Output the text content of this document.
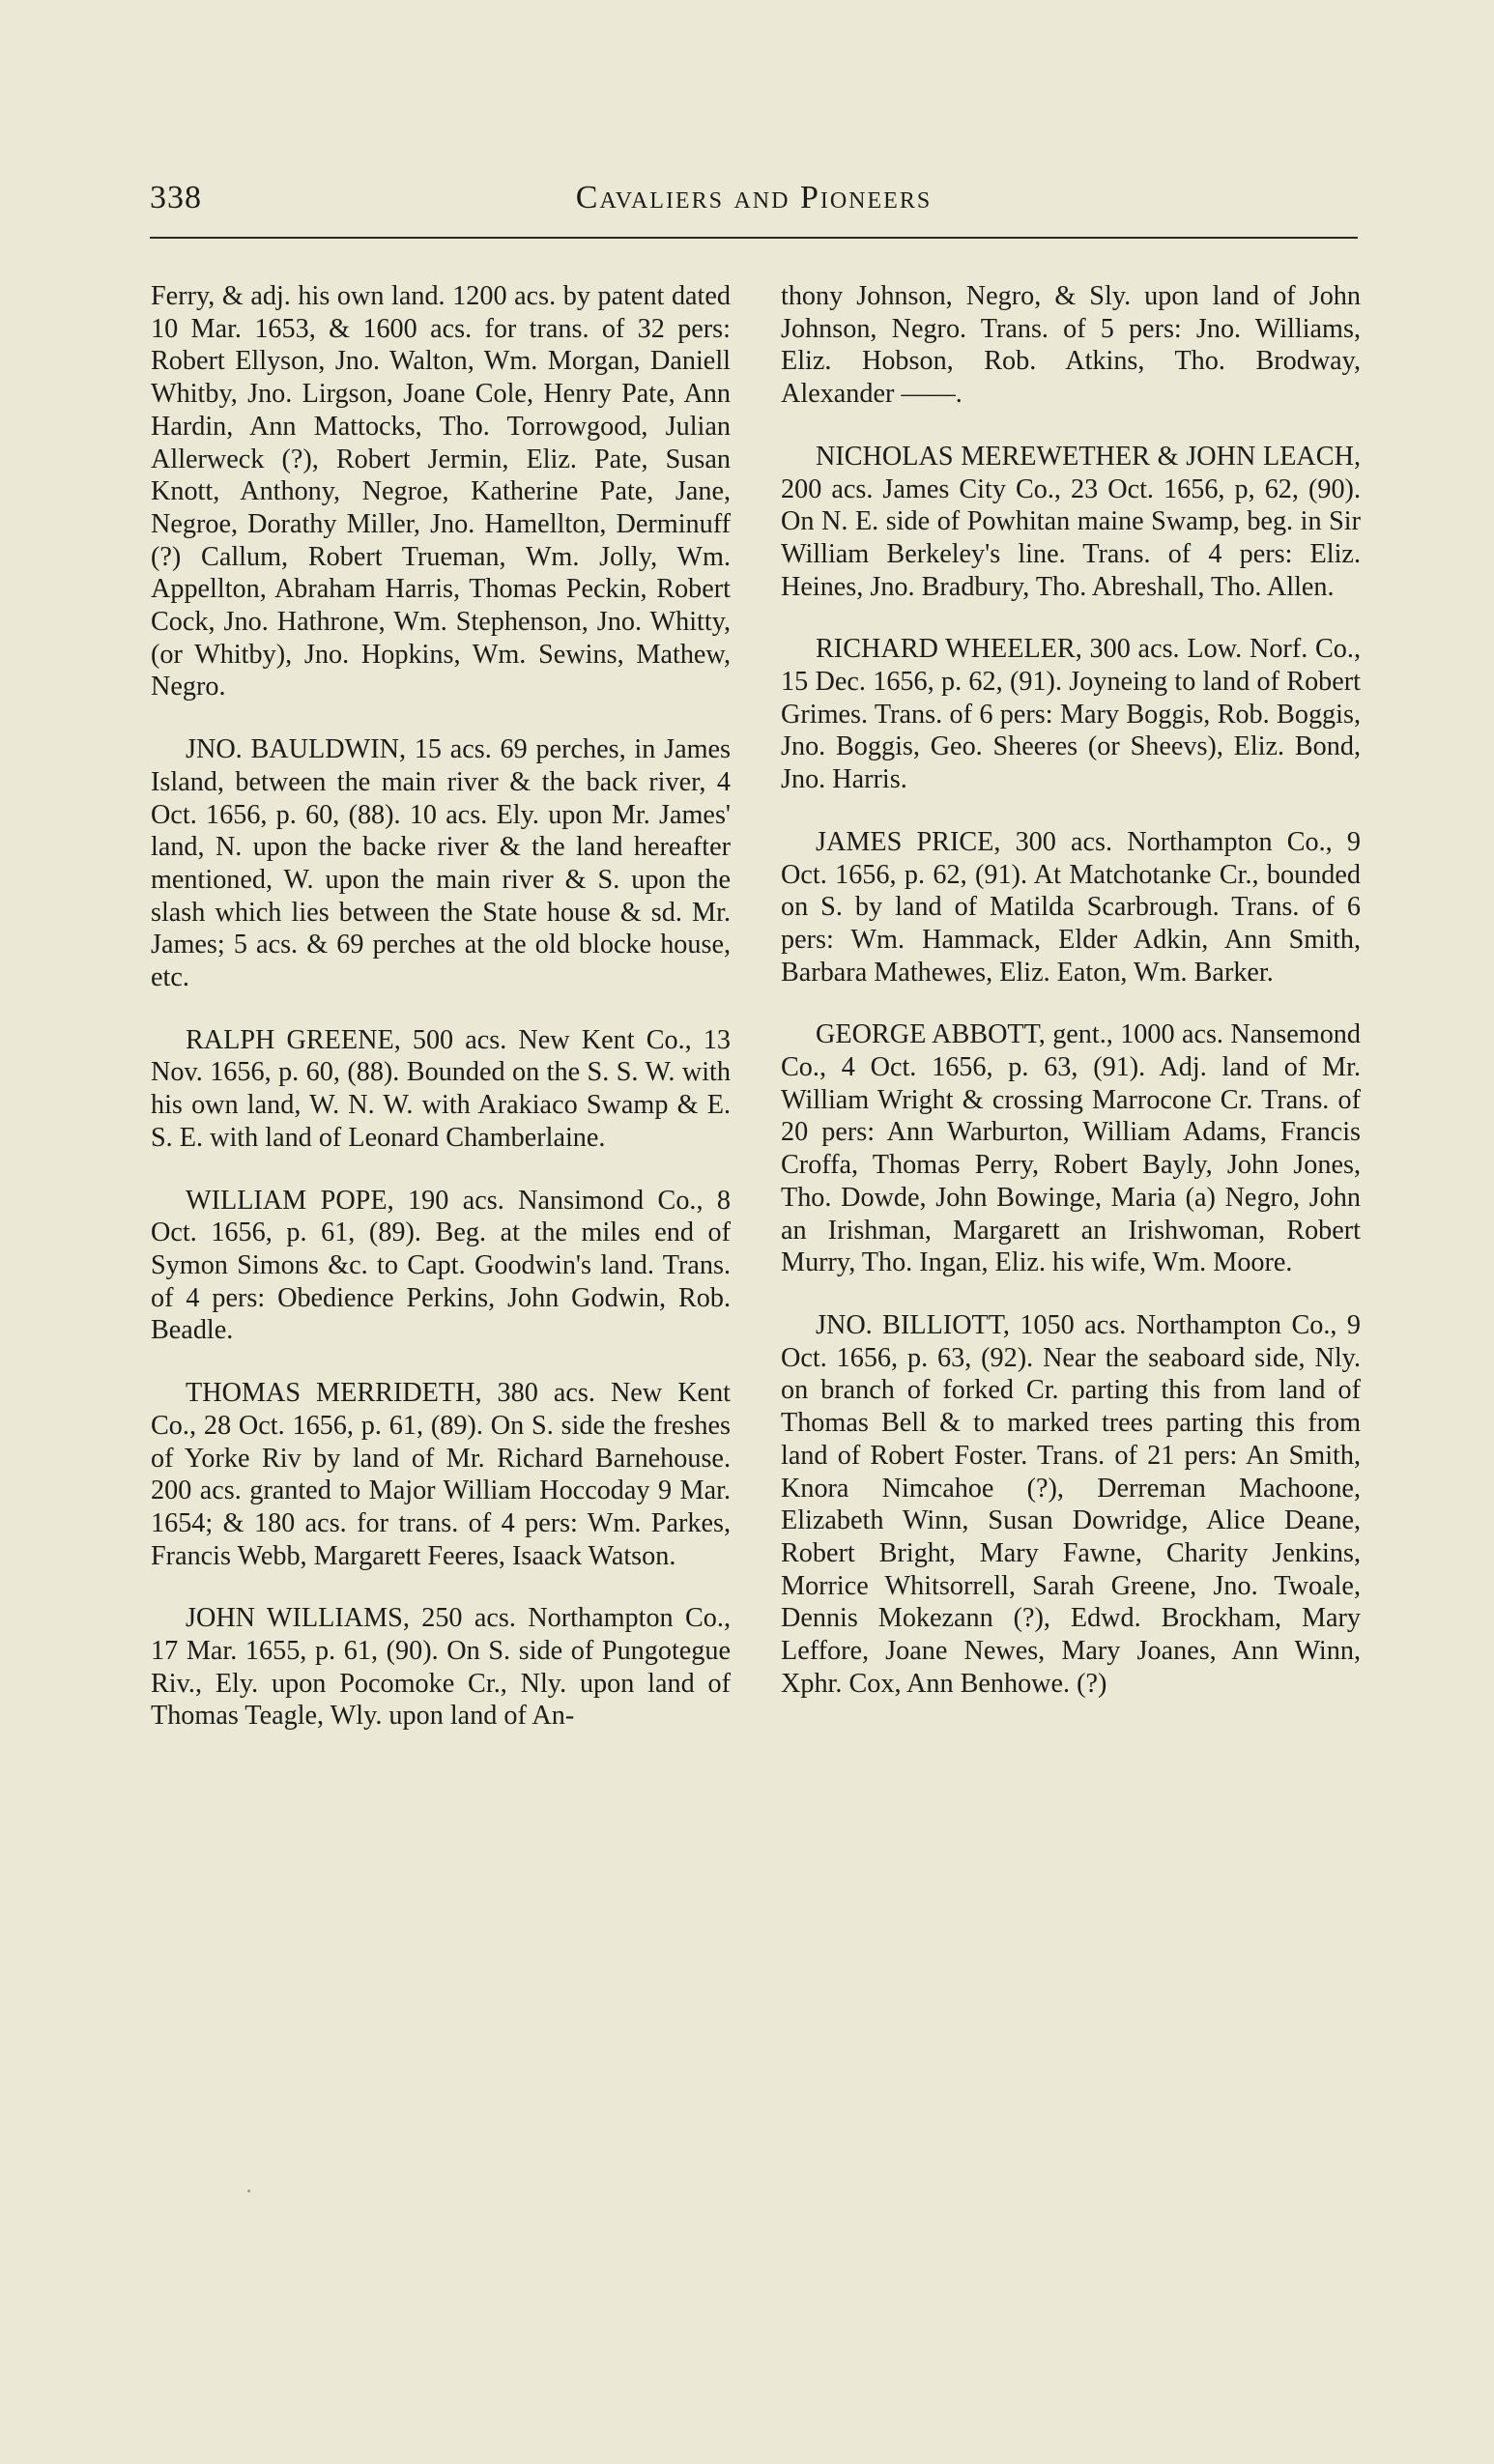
338	Cavaliers and Pioneers

Ferry, & adj. his own land. 1200 acs. by patent dated 10 Mar. 1653, & 1600 acs. for trans. of 32 pers: Robert Ellyson, Jno. Walton, Wm. Morgan, Daniell Whitby, Jno. Lirgson, Joane Cole, Henry Pate, Ann Hardin, Ann Mattocks, Tho. Torrowgood, Julian Allerweck (?), Robert Jermin, Eliz. Pate, Susan Knott, Anthony, Negroe, Katherine Pate, Jane, Negroe, Dorathy Miller, Jno. Hamellton, Derminuff (?) Callum, Robert Trueman, Wm. Jolly, Wm. Appellton, Abraham Harris, Thomas Peckin, Robert Cock, Jno. Hathrone, Wm. Stephenson, Jno. Whitty, (or Whitby), Jno. Hopkins, Wm. Sewins, Mathew, Negro.

JNO. BAULDWIN, 15 acs. 69 perches, in James Island, between the main river & the back river, 4 Oct. 1656, p. 60, (88). 10 acs. Ely. upon Mr. James' land, N. upon the backe river & the land hereafter mentioned, W. upon the main river & S. upon the slash which lies between the State house & sd. Mr. James; 5 acs. & 69 perches at the old blocke house, etc.

RALPH GREENE, 500 acs. New Kent Co., 13 Nov. 1656, p. 60, (88). Bounded on the S. S. W. with his own land, W. N. W. with Arakiaco Swamp & E. S. E. with land of Leonard Chamberlaine.

WILLIAM POPE, 190 acs. Nansimond Co., 8 Oct. 1656, p. 61, (89). Beg. at the miles end of Symon Simons &c. to Capt. Goodwin's land. Trans. of 4 pers: Obedience Perkins, John Godwin, Rob. Beadle.

THOMAS MERRIDETH, 380 acs. New Kent Co., 28 Oct. 1656, p. 61, (89). On S. side the freshes of Yorke Riv by land of Mr. Richard Barnehouse. 200 acs. granted to Major William Hoccoday 9 Mar. 1654; & 180 acs. for trans. of 4 pers: Wm. Parkes, Francis Webb, Margarett Feeres, Isaack Watson.

JOHN WILLIAMS, 250 acs. Northampton Co., 17 Mar. 1655, p. 61, (90). On S. side of Pungotegue Riv., Ely. upon Pocomoke Cr., Nly. upon land of Thomas Teagle, Wly. upon land of An-

thony Johnson, Negro, & Sly. upon land of John Johnson, Negro. Trans. of 5 pers: Jno. Williams, Eliz. Hobson, Rob. Atkins, Tho. Brodway, Alexander ——.

NICHOLAS MEREWETHER & JOHN LEACH, 200 acs. James City Co., 23 Oct. 1656, p, 62, (90). On N. E. side of Powhitan maine Swamp, beg. in Sir William Berkeley's line. Trans. of 4 pers: Eliz. Heines, Jno. Bradbury, Tho. Abreshall, Tho. Allen.

RICHARD WHEELER, 300 acs. Low. Norf. Co., 15 Dec. 1656, p. 62, (91). Joyneing to land of Robert Grimes. Trans. of 6 pers: Mary Boggis, Rob. Boggis, Jno. Boggis, Geo. Sheeres (or Sheevs), Eliz. Bond, Jno. Harris.

JAMES PRICE, 300 acs. Northampton Co., 9 Oct. 1656, p. 62, (91). At Matchotanke Cr., bounded on S. by land of Matilda Scarbrough. Trans. of 6 pers: Wm. Hammack, Elder Adkin, Ann Smith, Barbara Mathewes, Eliz. Eaton, Wm. Barker.

GEORGE ABBOTT, gent., 1000 acs. Nansemond Co., 4 Oct. 1656, p. 63, (91). Adj. land of Mr. William Wright & crossing Marrocone Cr. Trans. of 20 pers: Ann Warburton, William Adams, Francis Croffa, Thomas Perry, Robert Bayly, John Jones, Tho. Dowde, John Bowinge, Maria (a) Negro, John an Irishman, Margarett an Irishwoman, Robert Murry, Tho. Ingan, Eliz. his wife, Wm. Moore.

JNO. BILLIOTT, 1050 acs. Northampton Co., 9 Oct. 1656, p. 63, (92). Near the seaboard side, Nly. on branch of forked Cr. parting this from land of Thomas Bell & to marked trees parting this from land of Robert Foster. Trans. of 21 pers: An Smith, Knora Nimcahoe (?), Derreman Machoone, Elizabeth Winn, Susan Dowridge, Alice Deane, Robert Bright, Mary Fawne, Charity Jenkins, Morrice Whitsorrell, Sarah Greene, Jno. Twoale, Dennis Mokezann (?), Edwd. Brockham, Mary Leffore, Joane Newes, Mary Joanes, Ann Winn, Xphr. Cox, Ann Benhowe. (?)
